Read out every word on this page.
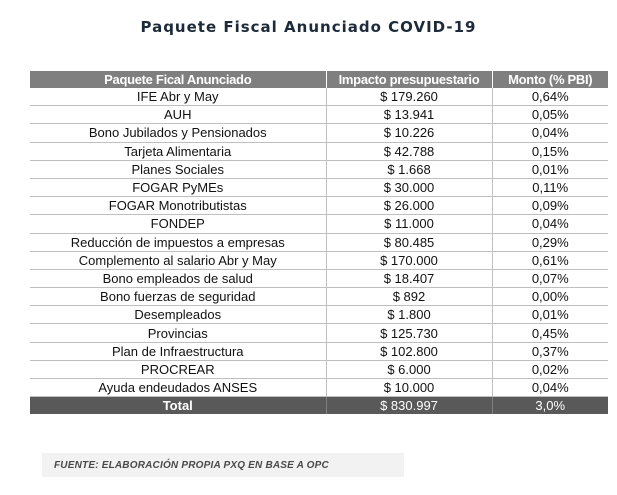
Paquete Fiscal Anunciado COVID-19
Paquete Fical Anunciado	Impacto presupuestario	Monto (% PBI)
IFE Abr y May	$ 179.260	0,64%
AUH	$ 13.941	0,05%
Bono Jubilados y Pensionados	$ 10.226	0,04%
Tarjeta Alimentaria	$ 42.788	0,15%
Planes Sociales	$ 1.668	0,01%
FOGAR PyMEs	$ 30.000	0,11%
FOGAR Monotributistas	$ 26.000	0,09%
FONDEP	$ 11.000	0,04%
Reducción de impuestos a empresas	$ 80.485	0,29%
Complemento al salario Abr y May	$ 170.000	0,61%
Bono empleados de salud	$ 18.407	0,07%
Bono fuerzas de seguridad	$ 892	0,00%
Desempleados	$ 1.800	0,01%
Provincias	$ 125.730	0,45%
Plan de Infraestructura	$ 102.800	0,37%
PROCREAR	$ 6.000	0,02%
Ayuda endeudados ANSES	$ 10.000	0,04%
Total	$ 830.997	3,0%
FUENTE: ELABORACIÓN PROPIA PXQ EN BASE A OPC
